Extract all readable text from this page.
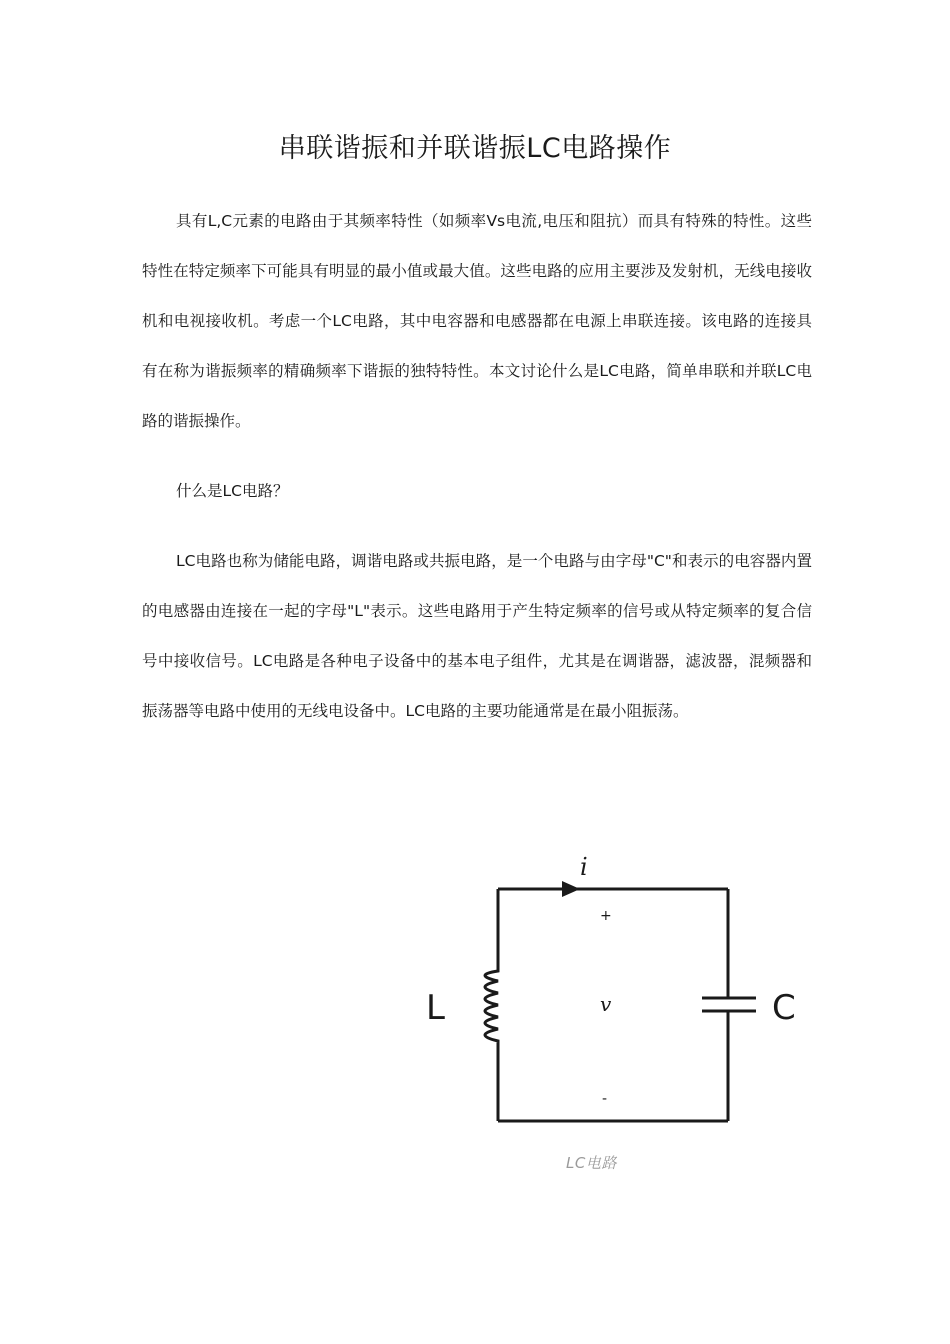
串联谐振和并联谐振LC电路操作

具有L,C元素的电路由于其频率特性（如频率Vs电流,电压和阻抗）而具有特殊的特性。这些特性在特定频率下可能具有明显的最小值或最大值。这些电路的应用主要涉及发射机，无线电接收机和电视接收机。考虑一个LC电路，其中电容器和电感器都在电源上串联连接。该电路的连接具有在称为谐振频率的精确频率下谐振的独特特性。本文讨论什么是LC电路，简单串联和并联LC电路的谐振操作。

什么是LC电路？

LC电路也称为储能电路，调谐电路或共振电路，是一个电路与由字母"C"和表示的电容器内置的电感器由连接在一起的字母"L"表示。这些电路用于产生特定频率的信号或从特定频率的复合信号中接收信号。LC电路是各种电子设备中的基本电子组件，尤其是在调谐器，滤波器，混频器和振荡器等电路中使用的无线电设备中。LC电路的主要功能通常是在最小阻振荡。

i
+
v
-
L	C
LC电路
